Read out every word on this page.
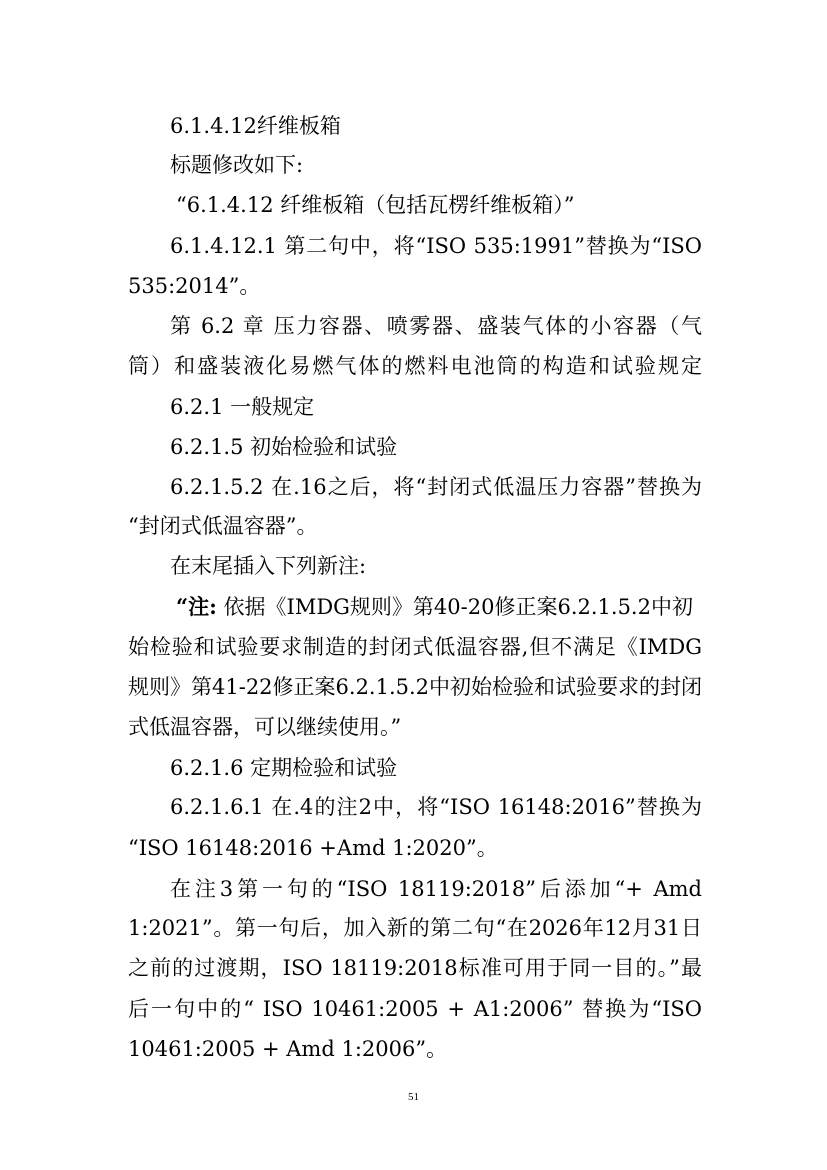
6.1.4.12纤维板箱
标题修改如下:
“6.1.4.12 纤维板箱（包括瓦楞纤维板箱）”
6.1.4.12.1 第二句中，将“ISO 535:1991”替换为“ISO
535:2014”。
第 6.2 章 压力容器、喷雾器、盛装气体的小容器（气
筒）和盛装液化易燃气体的燃料电池筒的构造和试验规定
6.2.1 一般规定
6.2.1.5 初始检验和试验
6.2.1.5.2 在.16之后，将“封闭式低温压力容器”替换为
“封闭式低温容器”。
在末尾插入下列新注:
“注: 依据《IMDG规则》第40-20修正案6.2.1.5.2中初
始检验和试验要求制造的封闭式低温容器,但不满足《IMDG
规则》第41-22修正案6.2.1.5.2中初始检验和试验要求的封闭
式低温容器，可以继续使用。”
6.2.1.6 定期检验和试验
6.2.1.6.1 在.4的注2中，将“ISO 16148:2016”替换为
“ISO 16148:2016 +Amd 1:2020”。
在注3第一句的“ISO 18119:2018”后添加“+ Amd
1:2021”。第一句后，加入新的第二句“在2026年12月31日
之前的过渡期，ISO 18119:2018标准可用于同一目的。”最
后一句中的“ ISO 10461:2005 + A1:2006” 替换为“ISO
10461:2005 + Amd 1:2006”。
51
